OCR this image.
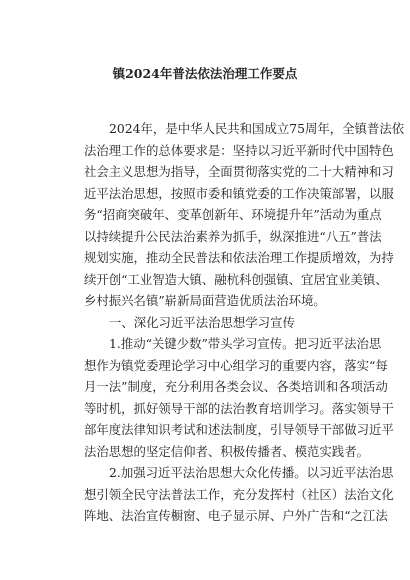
镇2024年普法依法治理工作要点
2024年，是中华人民共和国成立75周年，全镇普法依
法治理工作的总体要求是：坚持以习近平新时代中国特色
社会主义思想为指导，全面贯彻落实党的二十大精神和习
近平法治思想，按照市委和镇党委的工作决策部署，以服
务“招商突破年、变革创新年、环境提升年”活动为重点
以持续提升公民法治素养为抓手，纵深推进“八五”普法
规划实施，推动全民普法和依法治理工作提质增效，为持
续开创“工业智造大镇、融杭科创强镇、宜居宜业美镇、
乡村振兴名镇”崭新局面营造优质法治环境。
一、深化习近平法治思想学习宣传
1.推动“关键少数”带头学习宣传。把习近平法治思
想作为镇党委理论学习中心组学习的重要内容，落实“每
月一法”制度，充分利用各类会议、各类培训和各项活动
等时机，抓好领导干部的法治教育培训学习。落实领导干
部年度法律知识考试和述法制度，引导领导干部做习近平
法治思想的坚定信仰者、积极传播者、模范实践者。
2.加强习近平法治思想大众化传播。以习近平法治思
想引领全民守法普法工作，充分发挥村（社区）法治文化
阵地、法治宣传橱窗、电子显示屏、户外广告和“之江法
